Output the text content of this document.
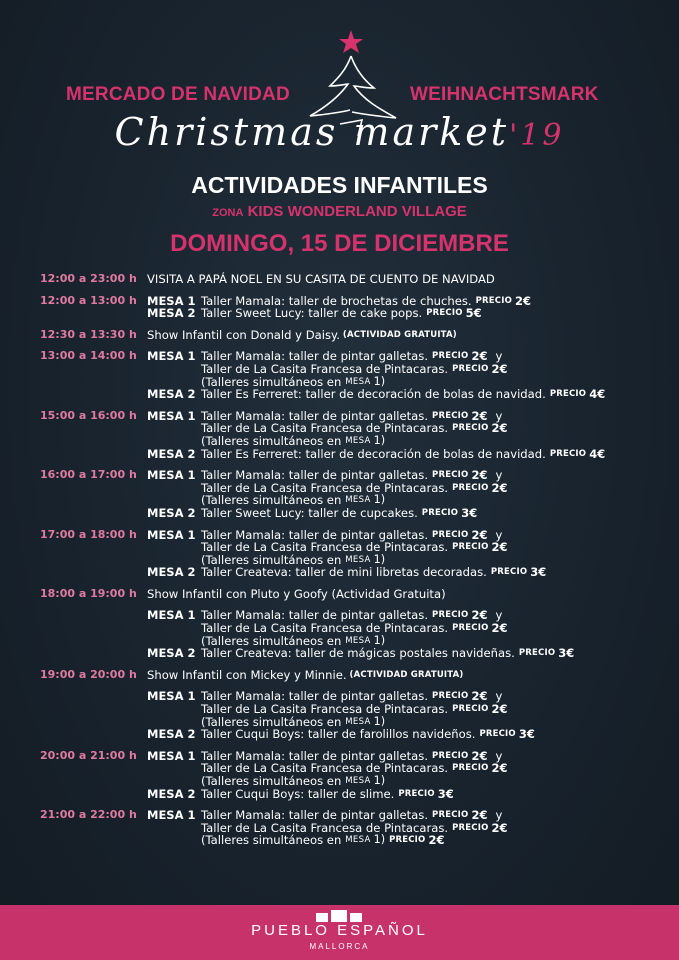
MERCADO DE NAVIDAD	WEIHNACHTSMARK
Christmas market'19
ACTIVIDADES INFANTILES
ZONA KIDS WONDERLAND VILLAGE
DOMINGO, 15 DE DICIEMBRE
12:00 a 23:00 h VISITA A PAPÁ NOEL EN SU CASITA DE CUENTO DE NAVIDAD
12:00 a 13:00 h MESA 1 Taller Mamala: taller de brochetas de chuches. PRECIO 2€
MESA 2 Taller Sweet Lucy: taller de cake pops. PRECIO 5€
12:30 a 13:30 h Show Infantil con Donald y Daisy. (ACTIVIDAD GRATUITA)
13:00 a 14:00 h MESA 1 Taller Mamala: taller de pintar galletas. PRECIO 2€ y
Taller de La Casita Francesa de Pintacaras. PRECIO 2€
(Talleres simultáneos en MESA 1)
MESA 2 Taller Es Ferreret: taller de decoración de bolas de navidad. PRECIO 4€
15:00 a 16:00 h MESA 1 Taller Mamala: taller de pintar galletas. PRECIO 2€ y
Taller de La Casita Francesa de Pintacaras. PRECIO 2€
(Talleres simultáneos en MESA 1)
MESA 2 Taller Es Ferreret: taller de decoración de bolas de navidad. PRECIO 4€
16:00 a 17:00 h MESA 1 Taller Mamala: taller de pintar galletas. PRECIO 2€ y
Taller de La Casita Francesa de Pintacaras. PRECIO 2€
(Talleres simultáneos en MESA 1)
MESA 2 Taller Sweet Lucy: taller de cupcakes. PRECIO 3€
17:00 a 18:00 h MESA 1 Taller Mamala: taller de pintar galletas. PRECIO 2€ y
Taller de La Casita Francesa de Pintacaras. PRECIO 2€
(Talleres simultáneos en MESA 1)
MESA 2 Taller Createva: taller de mini libretas decoradas. PRECIO 3€
18:00 a 19:00 h Show Infantil con Pluto y Goofy (Actividad Gratuita)
MESA 1 Taller Mamala: taller de pintar galletas. PRECIO 2€ y
Taller de La Casita Francesa de Pintacaras. PRECIO 2€
(Talleres simultáneos en MESA 1)
MESA 2 Taller Createva: taller de mágicas postales navideñas. PRECIO 3€
19:00 a 20:00 h Show Infantil con Mickey y Minnie. (ACTIVIDAD GRATUITA)
MESA 1 Taller Mamala: taller de pintar galletas. PRECIO 2€ y
Taller de La Casita Francesa de Pintacaras. PRECIO 2€
(Talleres simultáneos en MESA 1)
MESA 2 Taller Cuqui Boys: taller de farolillos navideños. PRECIO 3€
20:00 a 21:00 h MESA 1 Taller Mamala: taller de pintar galletas. PRECIO 2€ y
Taller de La Casita Francesa de Pintacaras. PRECIO 2€
(Talleres simultáneos en MESA 1)
MESA 2 Taller Cuqui Boys: taller de slime. PRECIO 3€
21:00 a 22:00 h MESA 1 Taller Mamala: taller de pintar galletas. PRECIO 2€ y
Taller de La Casita Francesa de Pintacaras. PRECIO 2€
(Talleres simultáneos en MESA 1) PRECIO 2€
PUEBLO ESPAÑOL
MALLORCA
